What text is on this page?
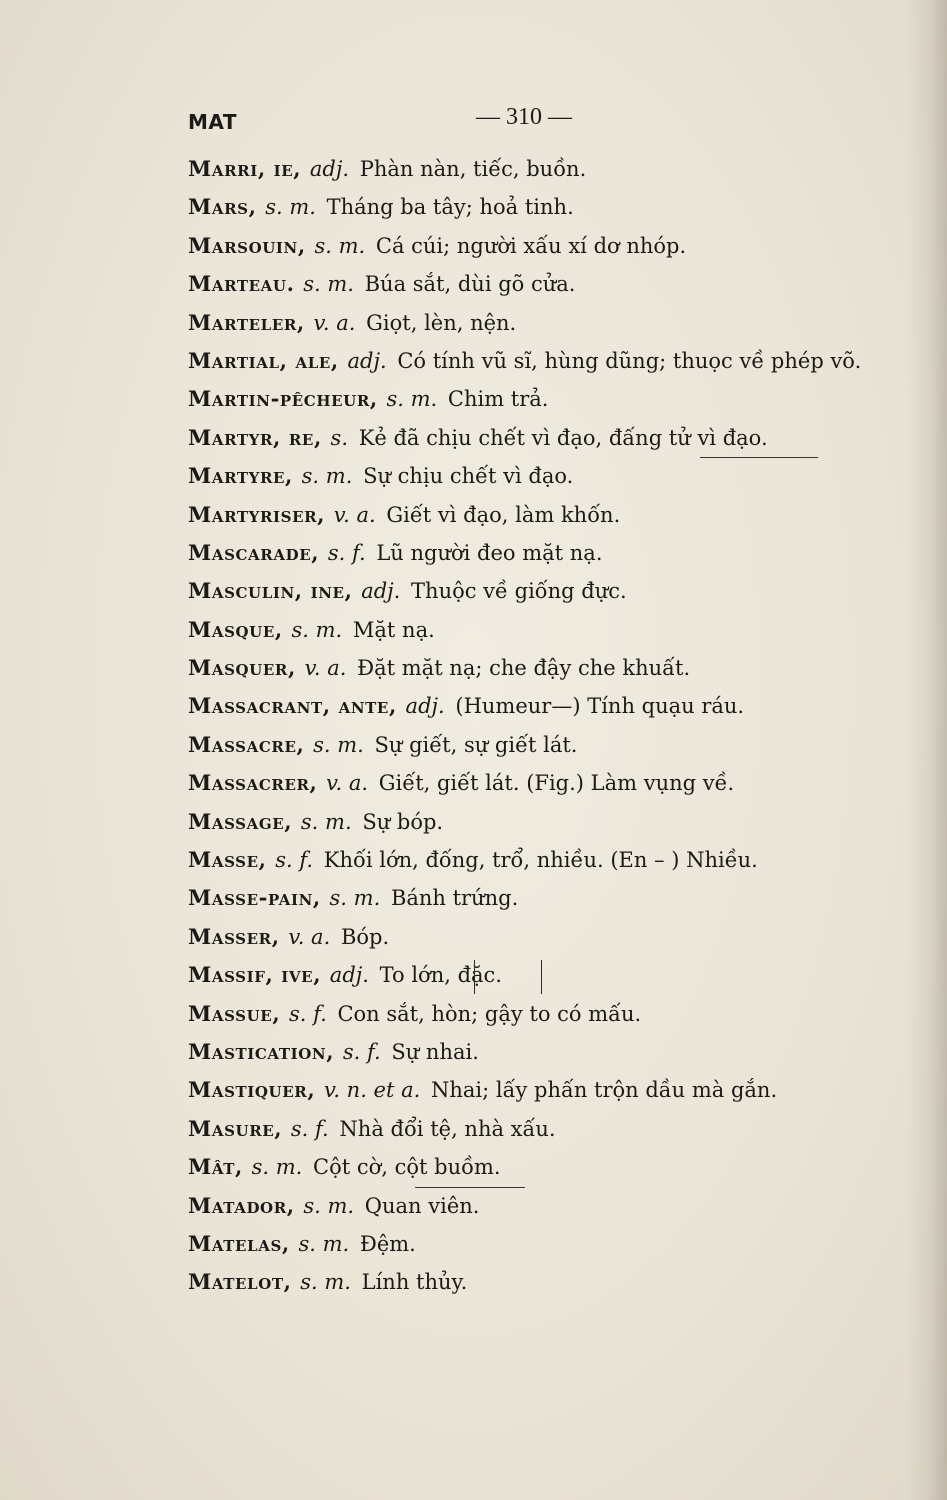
MAT	— 310 —
Marri, ie, adj. Phàn nàn, tiếc, buồn.
Mars, s. m. Tháng ba tây; hoả tinh.
Marsouin, s. m. Cá cúi; người xấu xí dơ nhóp.
Marteau. s. m. Búa sắt, dùi gõ cửa.
Marteler, v. a. Giọt, lèn, nện.
Martial, ale, adj. Có tính vũ sĩ, hùng dũng; thuọc về phép võ.
Martin-pêcheur, s. m. Chim trả.
Martyr, re, s. Kẻ đã chịu chết vì đạo, đấng tử vì đạo.
Martyre, s. m. Sự chịu chết vì đạo.
Martyriser, v. a. Giết vì đạo, làm khốn.
Mascarade, s. f. Lũ người đeo mặt nạ.
Masculin, ine, adj. Thuộc về giống đực.
Masque, s. m. Mặt nạ.
Masquer, v. a. Đặt mặt nạ; che đậy che khuất.
Massacrant, ante, adj. (Humeur—) Tính quạu ráu.
Massacre, s. m. Sự giết, sự giết lát.
Massacrer, v. a. Giết, giết lát. (Fig.) Làm vụng về.
Massage, s. m. Sự bóp.
Masse, s. f. Khối lớn, đống, trổ, nhiều. (En – ) Nhiều.
Masse-pain, s. m. Bánh trứng.
Masser, v. a. Bóp.
Massif, ive, adj. To lớn, đặc.
Massue, s. f. Con sắt, hòn; gậy to có mấu.
Mastication, s. f. Sự nhai.
Mastiquer, v. n. et a. Nhai; lấy phấn trộn dầu mà gắn.
Masure, s. f. Nhà đổi tệ, nhà xấu.
Mât, s. m. Cột cờ, cột buồm.
Matador, s. m. Quan viên.
Matelas, s. m. Đệm.
Matelot, s. m. Lính thủy.
